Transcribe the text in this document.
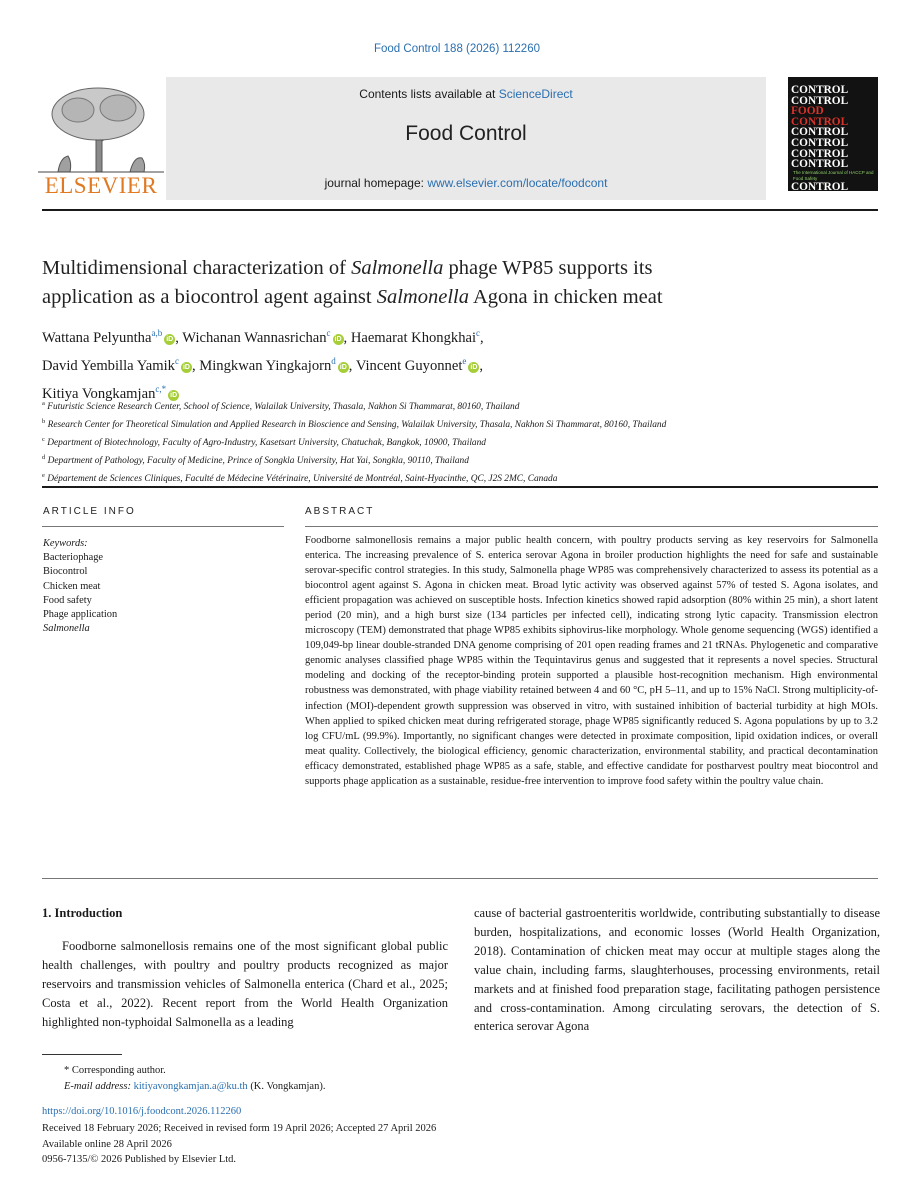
Food Control 188 (2026) 112260
ELSEVIER
Contents lists available at ScienceDirect
Food Control
journal homepage: www.elsevier.com/locate/foodcont

CONTROL
CONTROL
FOOD CONTROL
CONTROL
CONTROL
CONTROL
CONTROL
The International Journal of HACCP and Food Safety
CONTROL
CONTROL
Multidimensional characterization of Salmonella phage WP85 supports its
application as a biocontrol agent against Salmonella Agona in chicken meat
Wattana Pelyuntha$^{a,b}$iD , Wichanan Wannasrichan$^c$iD , Haemarat Khongkhai$^c$,
David Yembilla Yamik$^c$iD , Mingkwan Yingkajorn$^d$iD , Vincent Guyonnet$^e$iD ,
Kitiya Vongkamjan$^{c,*}$iD
$^a$ Futuristic Science Research Center, School of Science, Walailak University, Thasala, Nakhon Si Thammarat, 80160, Thailand
$^b$ Research Center for Theoretical Simulation and Applied Research in Bioscience and Sensing, Walailak University, Thasala, Nakhon Si Thammarat, 80160, Thailand
$^c$ Department of Biotechnology, Faculty of Agro-Industry, Kasetsart University, Chatuchak, Bangkok, 10900, Thailand
$^d$ Department of Pathology, Faculty of Medicine, Prince of Songkla University, Hat Yai, Songkla, 90110, Thailand
$^e$ Département de Sciences Cliniques, Faculté de Médecine Vétérinaire, Université de Montréal, Saint-Hyacinthe, QC, J2S 2MC, Canada
ARTICLE INFO
Keywords:
Bacteriophage
Biocontrol
Chicken meat
Food safety
Phage application
Salmonella
ABSTRACT
Foodborne salmonellosis remains a major public health concern, with poultry products serving as key reservoirs for Salmonella enterica. The increasing prevalence of S. enterica serovar Agona in broiler production highlights the need for safe and sustainable serovar-specific control strategies. In this study, Salmonella phage WP85 was comprehensively characterized to assess its potential as a biocontrol agent against S. Agona in chicken meat. Broad lytic activity was observed against 57% of tested S. Agona isolates, and efficient propagation was achieved on susceptible hosts. Infection kinetics showed rapid adsorption (80% within 25 min), a short latent period (20 min), and a high burst size (134 particles per infected cell), indicating strong lytic capacity. Transmission electron microscopy (TEM) demonstrated that phage WP85 exhibits siphovirus-like morphology. Whole genome sequencing (WGS) identified a 109,049-bp linear double-stranded DNA genome comprising of 201 open reading frames and 21 tRNAs. Phylogenetic and comparative genomic analyses classified phage WP85 within the Tequintavirus genus and suggested that it represents a novel species. Structural modeling and docking of the receptor-binding protein supported a plausible host-recognition mechanism. High environmental robustness was demonstrated, with phage viability retained between 4 and 60 °C, pH 5–11, and up to 15% NaCl. Strong multiplicity-of-infection (MOI)-dependent growth suppression was observed in vitro, with sustained inhibition of bacterial turbidity at high MOIs. When applied to spiked chicken meat during refrigerated storage, phage WP85 significantly reduced S. Agona populations by up to 3.2 log CFU/mL (99.9%). Importantly, no significant changes were detected in proximate composition, lipid oxidation indices, or overall meat quality. Collectively, the biological efficiency, genomic characterization, environmental stability, and practical decontamination efficacy demonstrated, established phage WP85 as a safe, stable, and effective candidate for postharvest poultry meat biocontrol and supports phage application as a sustainable, residue-free intervention to improve food safety within the poultry value chain.
1. Introduction
Foodborne salmonellosis remains one of the most significant global public health challenges, with poultry and poultry products recognized as major reservoirs and transmission vehicles of Salmonella enterica (Chard et al., 2025; Costa et al., 2022). Recent report from the World Health Organization highlighted non-typhoidal Salmonella as a leading
cause of bacterial gastroenteritis worldwide, contributing substantially to disease burden, hospitalizations, and economic losses (World Health Organization, 2018). Contamination of chicken meat may occur at multiple stages along the value chain, including farms, slaughterhouses, processing environments, retail markets and at finished food preparation stage, facilitating pathogen persistence and cross-contamination. Among circulating serovars, the detection of S. enterica serovar Agona
* Corresponding author.
E-mail address: kitiyavongkamjan.a@ku.th (K. Vongkamjan).
https://doi.org/10.1016/j.foodcont.2026.112260
Received 18 February 2026; Received in revised form 19 April 2026; Accepted 27 April 2026
Available online 28 April 2026
0956-7135/© 2026 Published by Elsevier Ltd.
